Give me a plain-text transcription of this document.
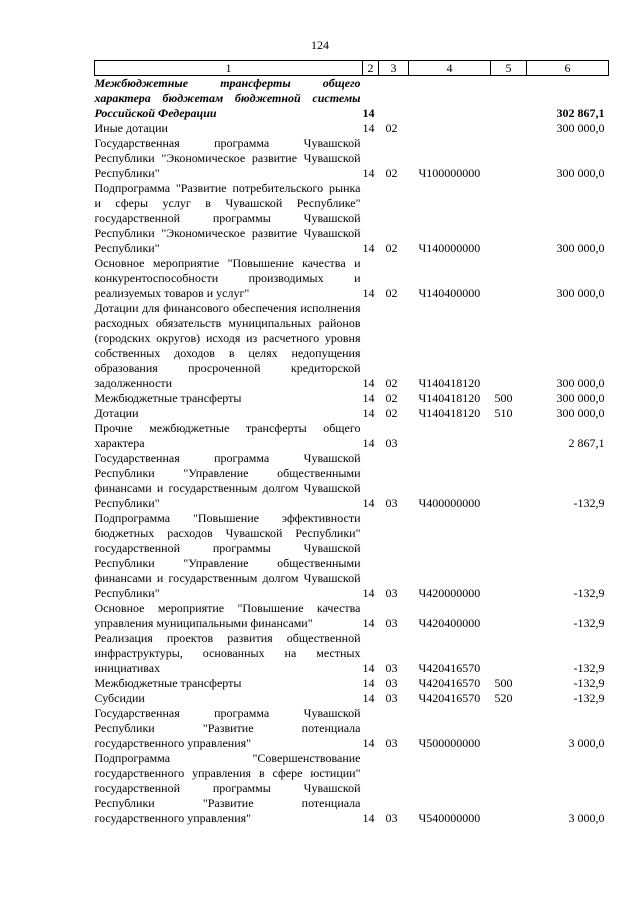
124
1	2	3	4	5	6
Межбюджетные трансферты общего характера бюджетам бюджетной системы Российской Федерации	14				302 867,1
Иные дотации	14	02			300 000,0
Государственная программа Чувашской Республики "Экономическое развитие Чувашской Республики"	14	02	Ч100000000		300 000,0
Подпрограмма "Развитие потребительского рынка и сферы услуг в Чувашской Республике" государственной программы Чувашской Республики "Экономическое развитие Чувашской Республики"	14	02	Ч140000000		300 000,0
Основное мероприятие "Повышение качества и конкурентоспособности производимых и реализуемых товаров и услуг"	14	02	Ч140400000		300 000,0
Дотации для финансового обеспечения исполнения расходных обязательств муниципальных районов (городских округов) исходя из расчетного уровня собственных доходов в целях недопущения образования просроченной кредиторской задолженности	14	02	Ч140418120		300 000,0
Межбюджетные трансферты	14	02	Ч140418120	500	300 000,0
Дотации	14	02	Ч140418120	510	300 000,0
Прочие межбюджетные трансферты общего характера	14	03			2 867,1
Государственная программа Чувашской Республики "Управление общественными финансами и государственным долгом Чувашской Республики"	14	03	Ч400000000		-132,9
Подпрограмма "Повышение эффективности бюджетных расходов Чувашской Республики" государственной программы Чувашской Республики "Управление общественными финансами и государственным долгом Чувашской Республики"	14	03	Ч420000000		-132,9
Основное мероприятие "Повышение качества управления муниципальными финансами"	14	03	Ч420400000		-132,9
Реализация проектов развития общественной инфраструктуры, основанных на местных инициативах	14	03	Ч420416570		-132,9
Межбюджетные трансферты	14	03	Ч420416570	500	-132,9
Субсидии	14	03	Ч420416570	520	-132,9
Государственная программа Чувашской Республики "Развитие потенциала государственного управления"	14	03	Ч500000000		3 000,0
Подпрограмма "Совершенствование государственного управления в сфере юстиции" государственной программы Чувашской Республики "Развитие потенциала государственного управления"	14	03	Ч540000000		3 000,0
